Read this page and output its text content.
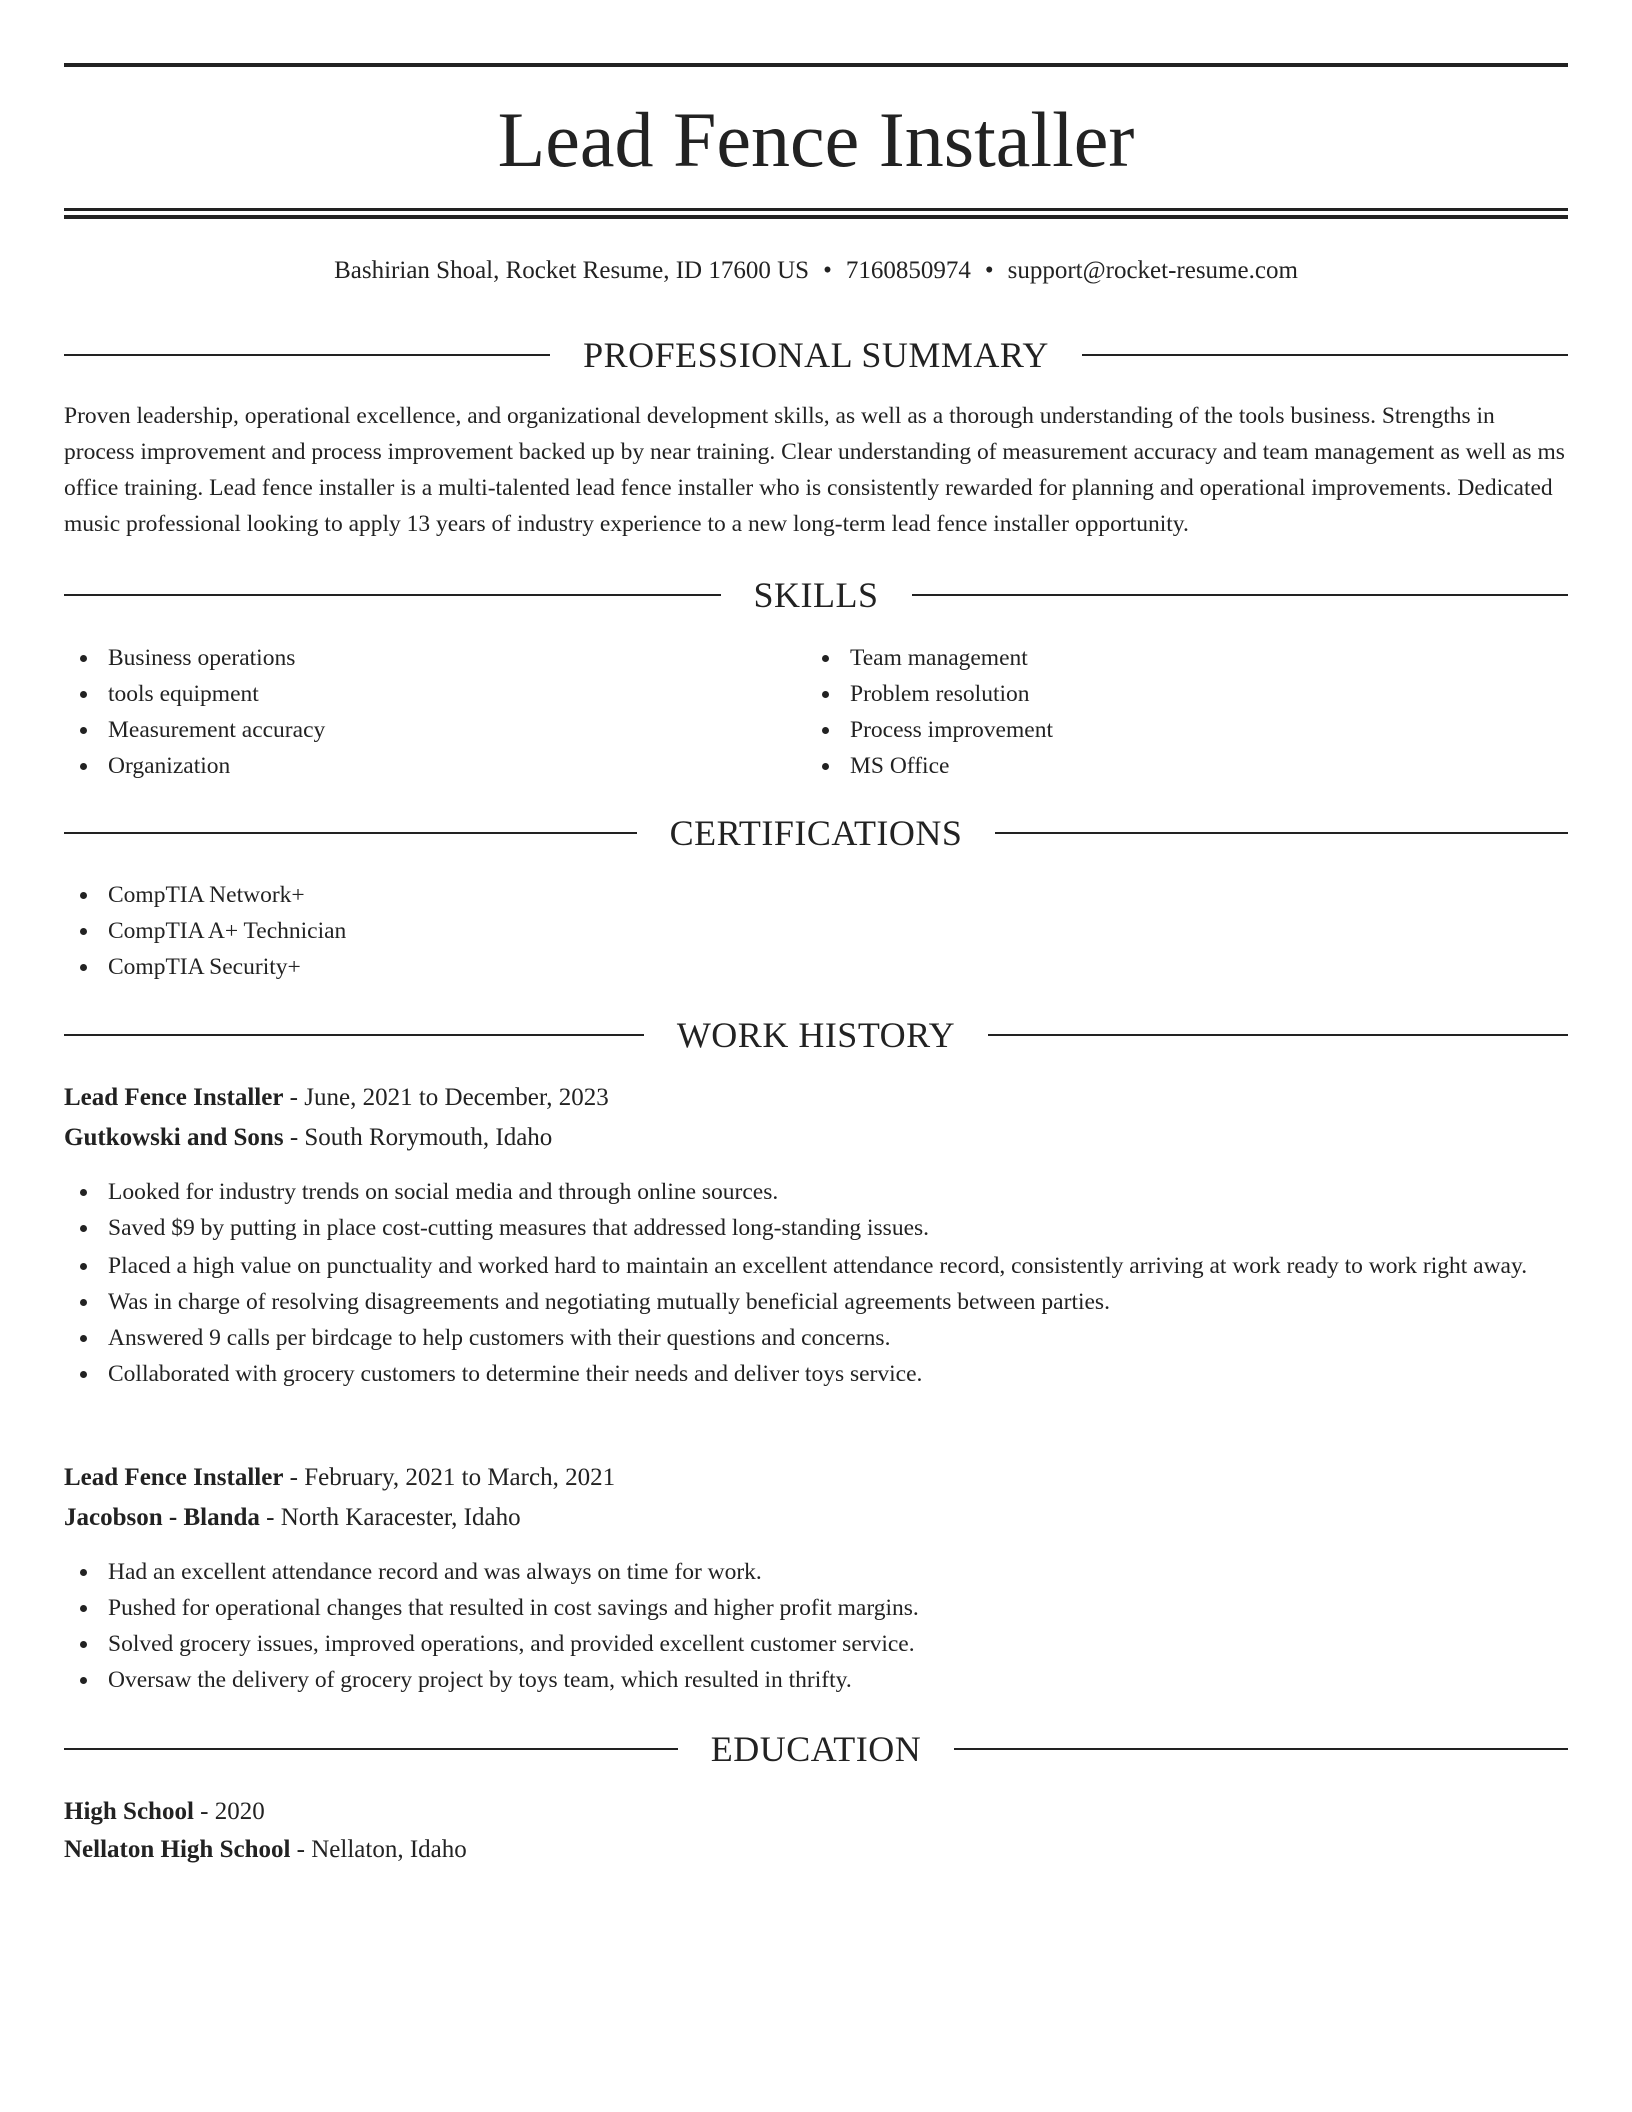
Lead Fence Installer
Bashirian Shoal, Rocket Resume, ID 17600 US • 7160850974 • support@rocket-resume.com
PROFESSIONAL SUMMARY

Proven leadership, operational excellence, and organizational development skills, as well as a thorough understanding of the tools business. Strengths in process improvement and process improvement backed up by near training. Clear understanding of measurement accuracy and team management as well as ms office training. Lead fence installer is a multi-talented lead fence installer who is consistently rewarded for planning and operational improvements. Dedicated music professional looking to apply 13 years of industry experience to a new long-term lead fence installer opportunity.

SKILLS
Business operations
tools equipment
Measurement accuracy
Organization
Team management
Problem resolution
Process improvement
MS Office
CERTIFICATIONS
CompTIA Network+
CompTIA A+ Technician
CompTIA Security+
WORK HISTORY
Lead Fence Installer - June, 2021 to December, 2023
Gutkowski and Sons - South Rorymouth, Idaho
Looked for industry trends on social media and through online sources.
Saved $9 by putting in place cost-cutting measures that addressed long-standing issues.
Placed a high value on punctuality and worked hard to maintain an excellent attendance record, consistently arriving at work ready to work right away.
Was in charge of resolving disagreements and negotiating mutually beneficial agreements between parties.
Answered 9 calls per birdcage to help customers with their questions and concerns.
Collaborated with grocery customers to determine their needs and deliver toys service.
Lead Fence Installer - February, 2021 to March, 2021
Jacobson - Blanda - North Karacester, Idaho
Had an excellent attendance record and was always on time for work.
Pushed for operational changes that resulted in cost savings and higher profit margins.
Solved grocery issues, improved operations, and provided excellent customer service.
Oversaw the delivery of grocery project by toys team, which resulted in thrifty.
EDUCATION
High School - 2020
Nellaton High School - Nellaton, Idaho
